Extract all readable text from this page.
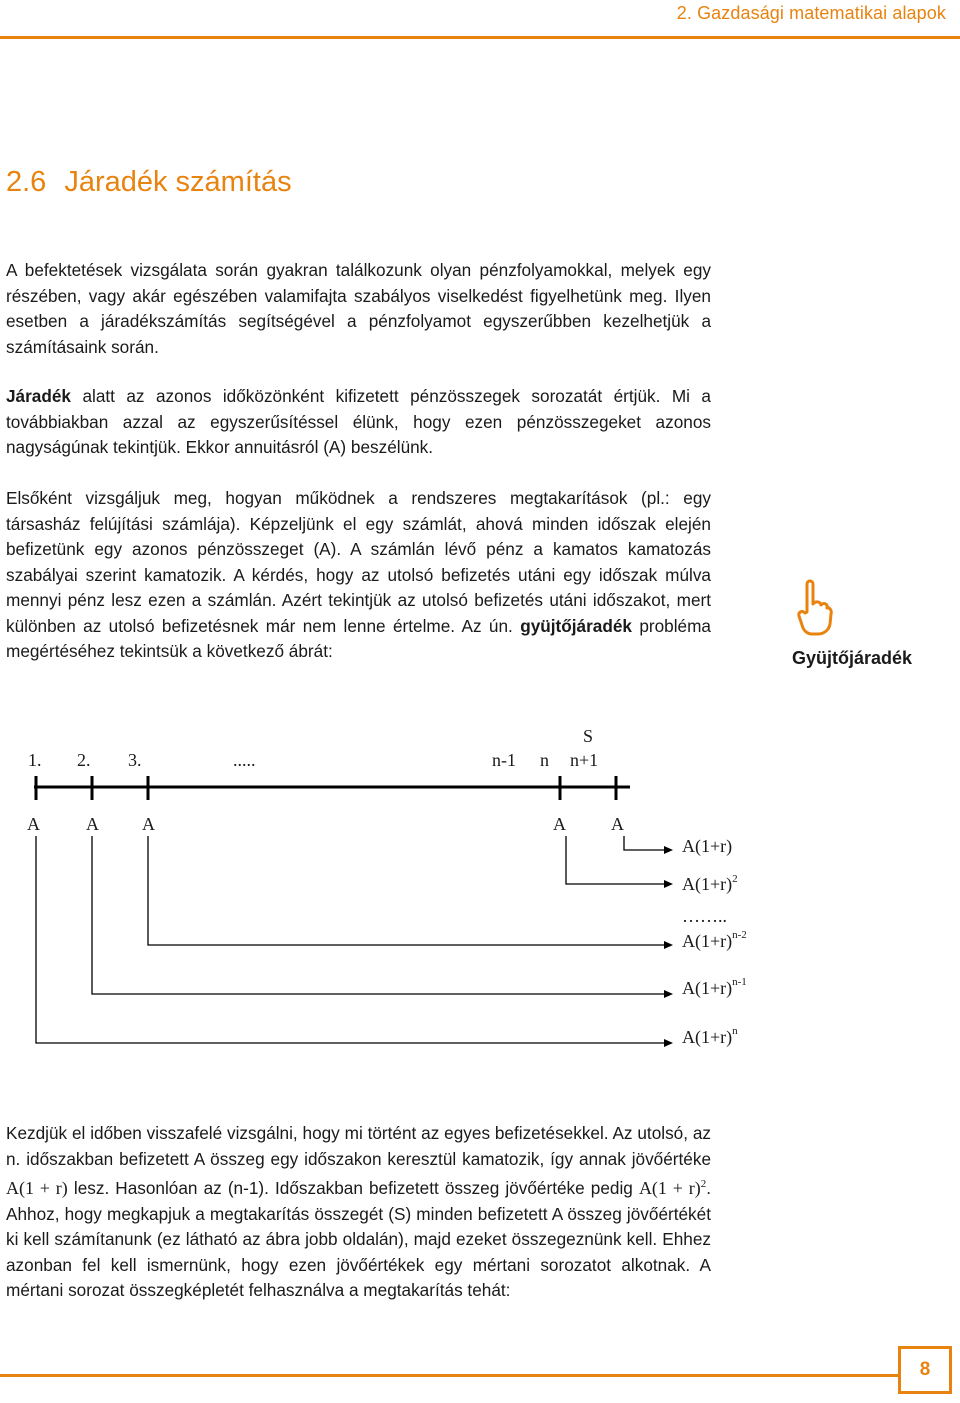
2. Gazdasági matematikai alapok
2.6 Járadék számítás

A befektetések vizsgálata során gyakran találkozunk olyan pénzfolyamokkal, melyek egy részében, vagy akár egészében valamifajta szabályos viselkedést figyelhetünk meg. Ilyen esetben a járadékszámítás segítségével a pénzfolyamot egyszerűbben kezelhetjük a számításaink során.

Járadék alatt az azonos időközönként kifizetett pénzösszegek sorozatát értjük. Mi a továbbiakban azzal az egyszerűsítéssel élünk, hogy ezen pénzösszegeket azonos nagyságúnak tekintjük. Ekkor annuitásról (A) beszélünk.

Elsőként vizsgáljuk meg, hogyan működnek a rendszeres megtakarítások (pl.: egy társasház felújítási számlája). Képzeljünk el egy számlát, ahová minden időszak elején befizetünk egy azonos pénzösszeget (A). A számlán lévő pénz a kamatos kamatozás szabályai szerint kamatozik. A kérdés, hogy az utolsó befizetés utáni egy időszak múlva mennyi pénz lesz ezen a számlán. Azért tekintjük az utolsó befizetés utáni időszakot, mert különben az utolsó befizetésnek már nem lenne értelme. Az ún. gyüjtőjáradék probléma megértéséhez tekintsük a következő ábrát:	Gyüjtőjáradék
S
1. 2. 3.	.....	n-1 n n+1
A	A A	A	A
A(1+r)
$A(1+r)^2$
……..
$A(1+r)^{n-2}$
$A(1+r)^{n-1}$
$A(1+r)^n$

Kezdjük el időben visszafelé vizsgálni, hogy mi történt az egyes befizetésekkel. Az utolsó, az n. időszakban befizetett A összeg egy időszakon keresztül kamatozik, így annak jövőértéke A(1 + r) lesz. Hasonlóan az (n-1). Időszakban befizetett összeg jövőértéke pedig $A(1 + r)^2$. Ahhoz, hogy megkapjuk a megtakarítás összegét (S) minden befizetett A összeg jövőértékét ki kell számítanunk (ez látható az ábra jobb oldalán), majd ezeket összegeznünk kell. Ehhez azonban fel kell ismernünk, hogy ezen jövőértékek egy mértani sorozatot alkotnak. A mértani sorozat összegképletét felhasználva a megtakarítás tehát:

8
